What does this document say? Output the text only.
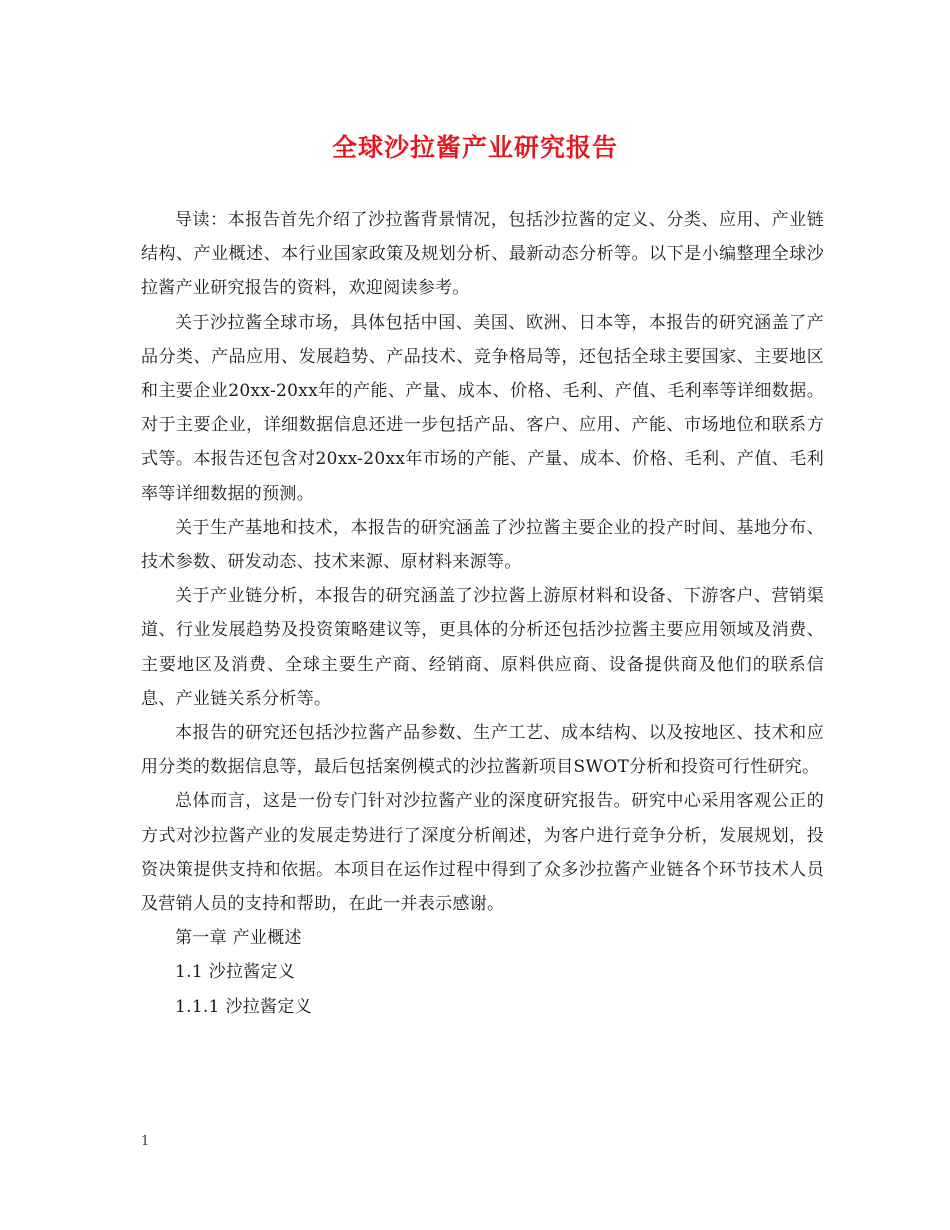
全球沙拉酱产业研究报告

导读：本报告首先介绍了沙拉酱背景情况，包括沙拉酱的定义、分类、应用、产业链结构、产业概述、本行业国家政策及规划分析、最新动态分析等。以下是小编整理全球沙拉酱产业研究报告的资料，欢迎阅读参考。

关于沙拉酱全球市场，具体包括中国、美国、欧洲、日本等，本报告的研究涵盖了产品分类、产品应用、发展趋势、产品技术、竞争格局等，还包括全球主要国家、主要地区和主要企业20xx-20xx年的产能、产量、成本、价格、毛利、产值、毛利率等详细数据。对于主要企业，详细数据信息还进一步包括产品、客户、应用、产能、市场地位和联系方式等。本报告还包含对20xx-20xx年市场的产能、产量、成本、价格、毛利、产值、毛利率等详细数据的预测。

关于生产基地和技术，本报告的研究涵盖了沙拉酱主要企业的投产时间、基地分布、技术参数、研发动态、技术来源、原材料来源等。

关于产业链分析，本报告的研究涵盖了沙拉酱上游原材料和设备、下游客户、营销渠道、行业发展趋势及投资策略建议等，更具体的分析还包括沙拉酱主要应用领域及消费、主要地区及消费、全球主要生产商、经销商、原料供应商、设备提供商及他们的联系信息、产业链关系分析等。

本报告的研究还包括沙拉酱产品参数、生产工艺、成本结构、以及按地区、技术和应用分类的数据信息等，最后包括案例模式的沙拉酱新项目SWOT分析和投资可行性研究。

总体而言，这是一份专门针对沙拉酱产业的深度研究报告。研究中心采用客观公正的方式对沙拉酱产业的发展走势进行了深度分析阐述，为客户进行竞争分析，发展规划，投资决策提供支持和依据。本项目在运作过程中得到了众多沙拉酱产业链各个环节技术人员及营销人员的支持和帮助，在此一并表示感谢。

第一章 产业概述

1.1 沙拉酱定义

1.1.1 沙拉酱定义

1
